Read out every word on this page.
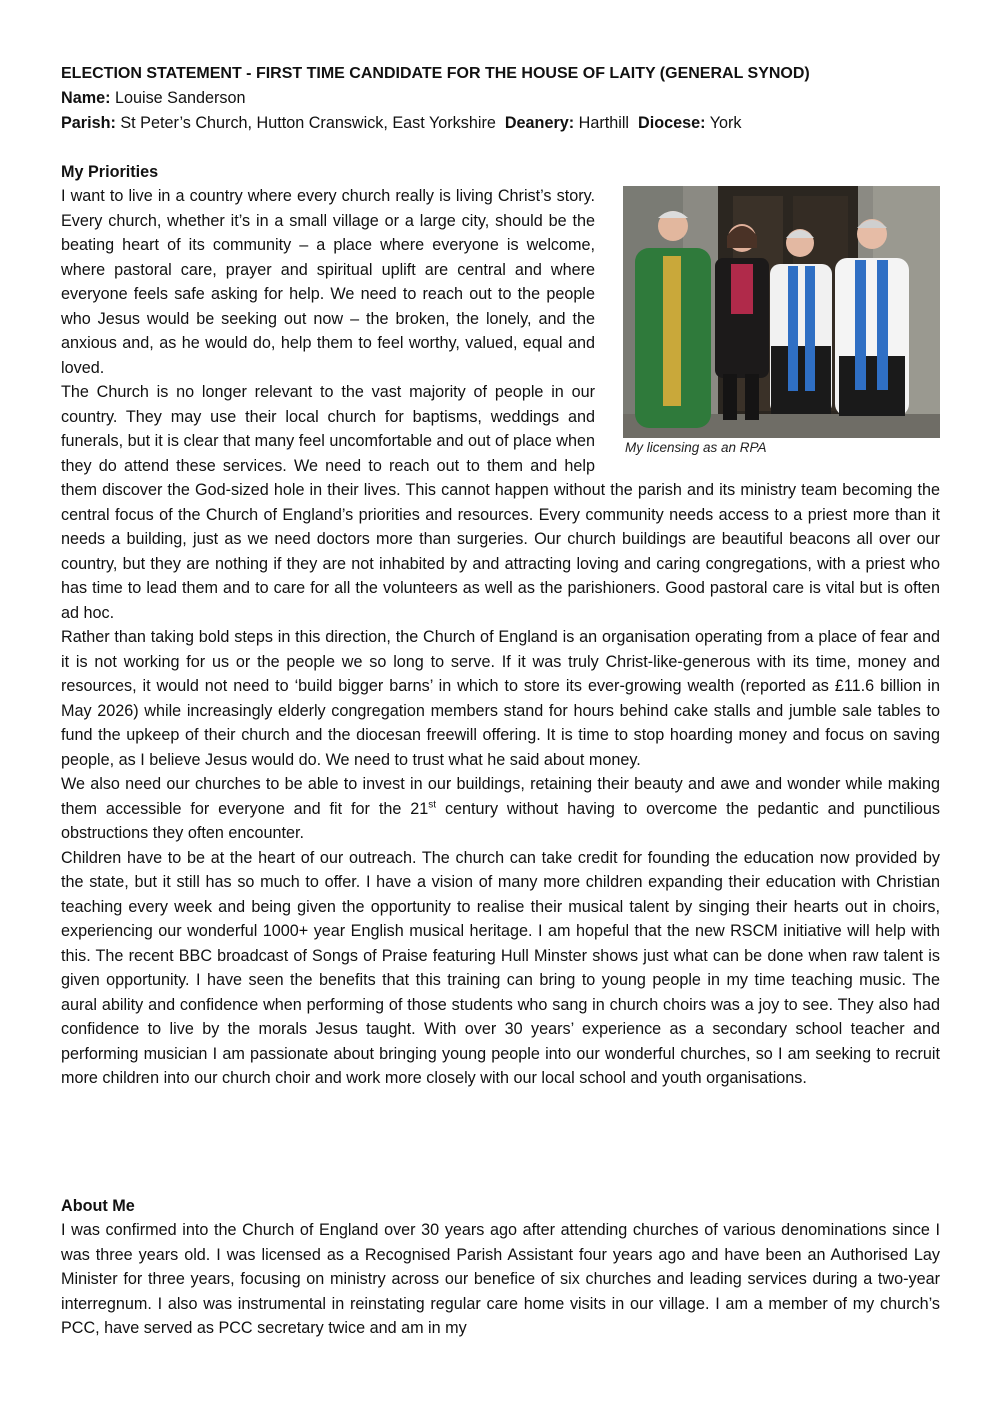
ELECTION STATEMENT - FIRST TIME CANDIDATE FOR THE HOUSE OF LAITY (GENERAL SYNOD)
Name: Louise Sanderson
Parish: St Peter’s Church, Hutton Cranswick, East Yorkshire  Deanery: Harthill  Diocese: York
My Priorities
My licensing as an RPA

I want to live in a country where every church really is living Christ’s story. Every church, whether it’s in a small village or a large city, should be the beating heart of its community – a place where everyone is welcome, where pastoral care, prayer and spiritual uplift are central and where everyone feels safe asking for help. We need to reach out to the people who Jesus would be seeking out now – the broken, the lonely, and the anxious and, as he would do, help them to feel worthy, valued, equal and loved.

The Church is no longer relevant to the vast majority of people in our country. They may use their local church for baptisms, weddings and funerals, but it is clear that many feel uncomfortable and out of place when they do attend these services. We need to reach out to them and help them discover the God-sized hole in their lives. This cannot happen without the parish and its ministry team becoming the central focus of the Church of England’s priorities and resources. Every community needs access to a priest more than it needs a building, just as we need doctors more than surgeries. Our church buildings are beautiful beacons all over our country, but they are nothing if they are not inhabited by and attracting loving and caring congregations, with a priest who has time to lead them and to care for all the volunteers as well as the parishioners. Good pastoral care is vital but is often ad hoc.

Rather than taking bold steps in this direction, the Church of England is an organisation operating from a place of fear and it is not working for us or the people we so long to serve. If it was truly Christ-like-generous with its time, money and resources, it would not need to ‘build bigger barns’ in which to store its ever-growing wealth (reported as £11.6 billion in May 2026) while increasingly elderly congregation members stand for hours behind cake stalls and jumble sale tables to fund the upkeep of their church and the diocesan freewill offering. It is time to stop hoarding money and focus on saving people, as I believe Jesus would do. We need to trust what he said about money.

We also need our churches to be able to invest in our buildings, retaining their beauty and awe and wonder while making them accessible for everyone and fit for the 21st century without having to overcome the pedantic and punctilious obstructions they often encounter.

Children have to be at the heart of our outreach. The church can take credit for founding the education now provided by the state, but it still has so much to offer. I have a vision of many more children expanding their education with Christian teaching every week and being given the opportunity to realise their musical talent by singing their hearts out in choirs, experiencing our wonderful 1000+ year English musical heritage. I am hopeful that the new RSCM initiative will help with this. The recent BBC broadcast of Songs of Praise featuring Hull Minster shows just what can be done when raw talent is given opportunity. I have seen the benefits that this training can bring to young people in my time teaching music. The aural ability and confidence when performing of those students who sang in church choirs was a joy to see. They also had confidence to live by the morals Jesus taught. With over 30 years’ experience as a secondary school teacher and performing musician I am passionate about bringing young people into our wonderful churches, so I am seeking to recruit more children into our church choir and work more closely with our local school and youth organisations.

About Me

I was confirmed into the Church of England over 30 years ago after attending churches of various denominations since I was three years old. I was licensed as a Recognised Parish Assistant four years ago and have been an Authorised Lay Minister for three years, focusing on ministry across our benefice of six churches and leading services during a two-year interregnum. I also was instrumental in reinstating regular care home visits in our village. I am a member of my church’s PCC, have served as PCC secretary twice and am in my
